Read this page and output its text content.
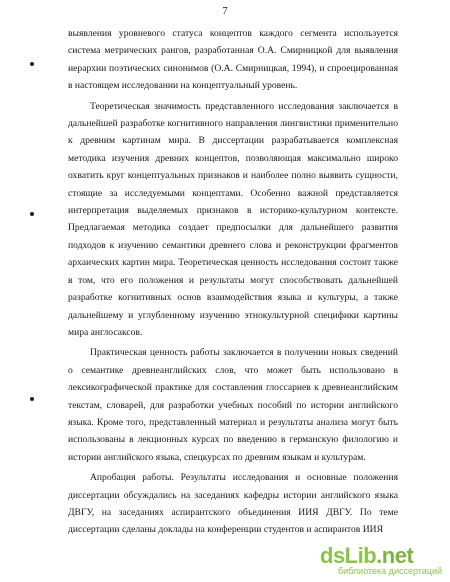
7

выявления уровневого статуса концептов каждого сегмента используется система метрических рангов, разработанная О.А. Смирницкой для выявления иерархии поэтических синонимов (О.А. Смирницкая, 1994), и спроецированная в настоящем исследовании на концептуальный уровень.

Теоретическая значимость представленного исследования заключается в дальнейшей разработке когнитивного направления лингвистики применительно к древним картинам мира. В диссертации разрабатывается комплексная методика изучения древних концептов, позволяющая максимально широко охватить круг концептуальных признаков и наиболее полно выявить сущности, стоящие за исследуемыми концептами. Особенно важной представляется интерпретация выделяемых признаков в историко-культурном контексте. Предлагаемая методика создает предпосылки для дальнейшего развития подходов к изучению семантики древнего слова и реконструкции фрагментов архаических картин мира. Теоретическая ценность исследования состоит также в том, что его положения и результаты могут способствовать дальнейшей разработке когнитивных основ взаимодействия языка и культуры, а также дальнейшему и углубленному изучению этнокультурной специфики картины мира англосаксов.

Практическая ценность работы заключается в получении новых сведений о семантике древнеанглийских слов, что может быть использовано в лексикографической практике для составления глоссариев к древнеанглийским текстам, словарей, для разработки учебных пособий по истории английского языка. Кроме того, представленный материал и результаты анализа могут быть использованы в лекционных курсах по введению в германскую филологию и истории английского языка, спецкурсах по древним языкам и культурам.

Апробация работы. Результаты исследования и основные положения диссертации обсуждались на заседаниях кафедры истории английского языка ДВГУ, на заседаниях аспирантского объединения ИИЯ ДВГУ. По теме диссертации сделаны доклады на конференции студентов и аспирантов ИИЯ

dsLib.net
библиотека диссертаций
